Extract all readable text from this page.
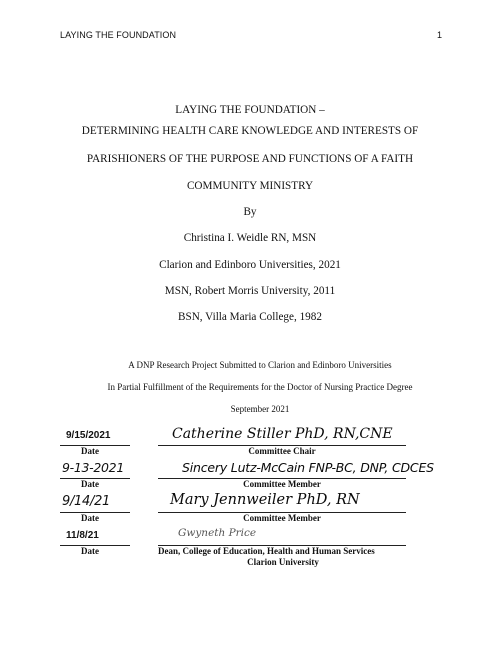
LAYING THE FOUNDATION	1
LAYING THE FOUNDATION –
DETERMINING HEALTH CARE KNOWLEDGE AND INTERESTS OF
PARISHIONERS OF THE PURPOSE AND FUNCTIONS OF A FAITH
COMMUNITY MINISTRY
By
Christina I. Weidle RN, MSN
Clarion and Edinboro Universities, 2021
MSN, Robert Morris University, 2011
BSN, Villa Maria College, 1982
A DNP Research Project Submitted to Clarion and Edinboro Universities
In Partial Fulfillment of the Requirements for the Doctor of Nursing Practice Degree
September 2021
9/15/2021
Date
Catherine Stiller PhD, RN,CNE
Committee Chair
9-13-2021
Date
Sincery Lutz-McCain FNP-BC, DNP, CDCES
Committee Member
9/14/21
Date
Mary Jennweiler PhD, RN
Committee Member
11/8/21
Date
Gwyneth Price
Dean, College of Education, Health and Human Services
Clarion University
